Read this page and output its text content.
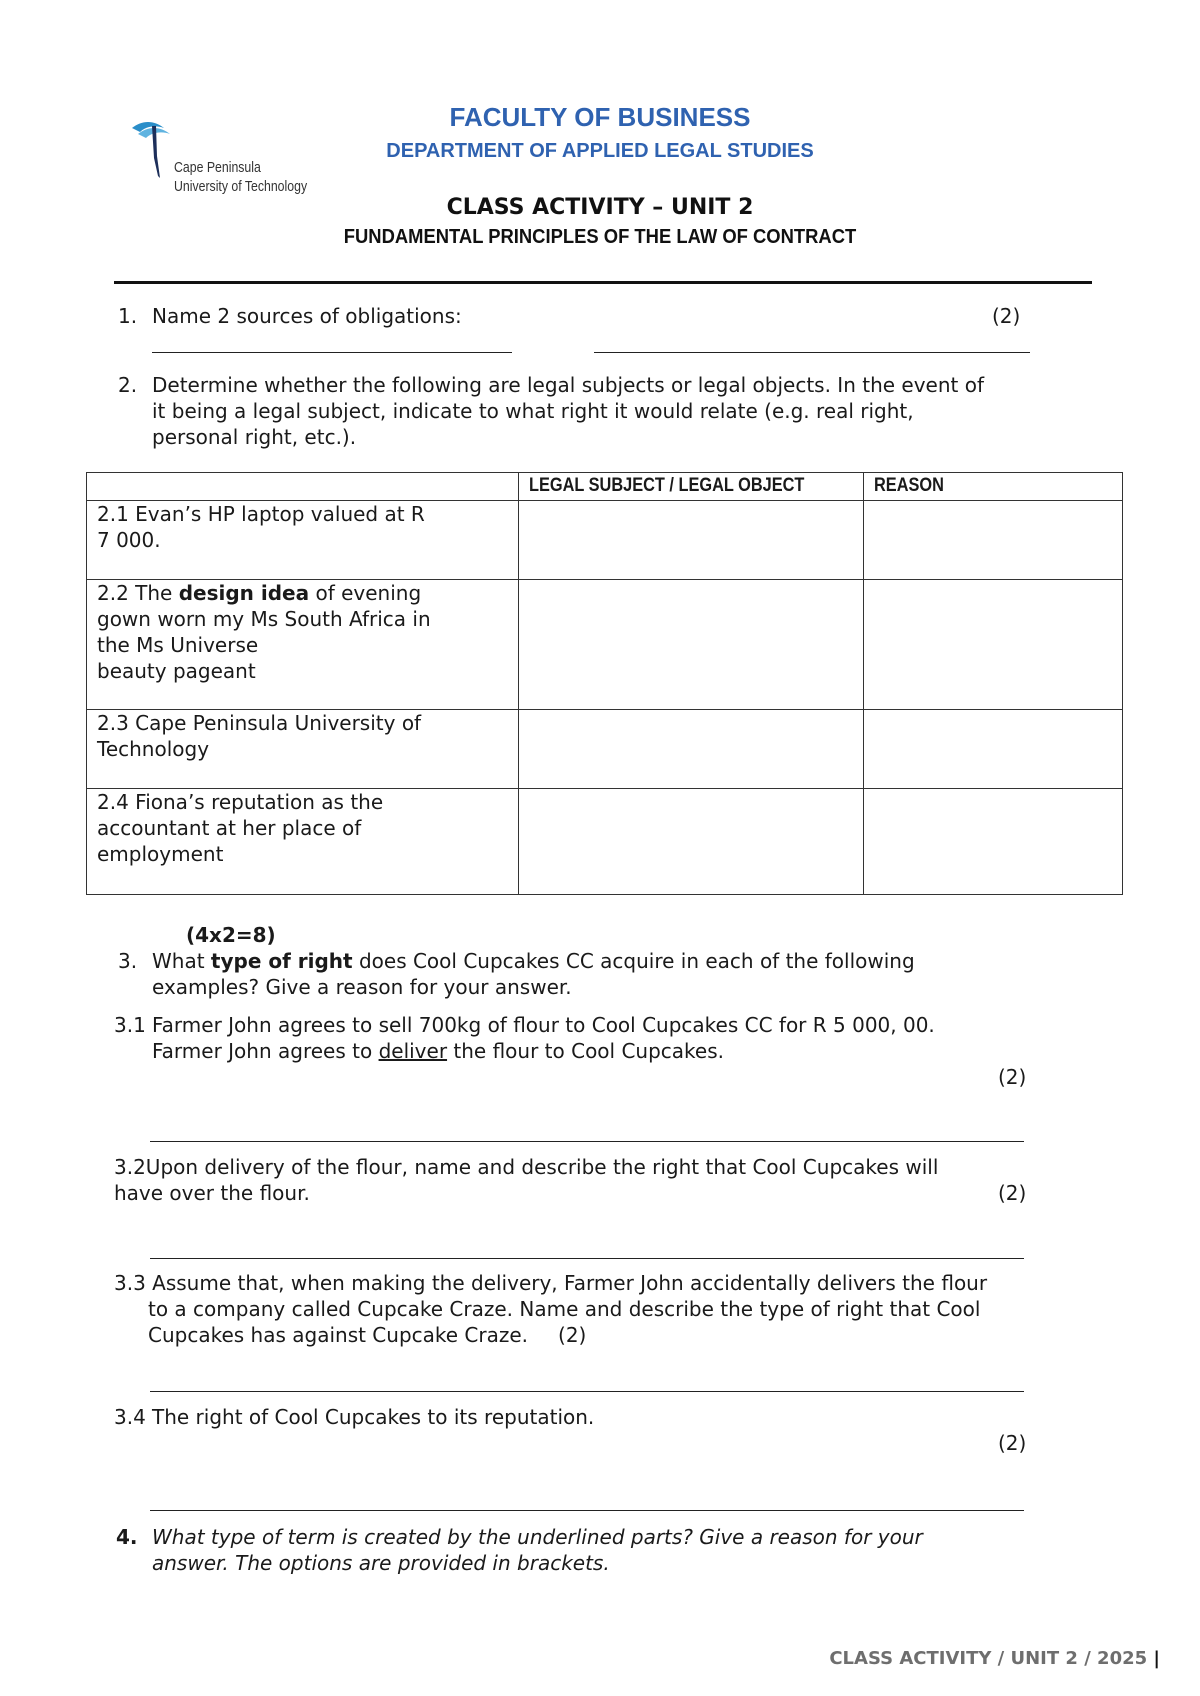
Cape Peninsula
University of Technology
FACULTY OF BUSINESS
DEPARTMENT OF APPLIED LEGAL STUDIES
CLASS ACTIVITY – UNIT 2
FUNDAMENTAL PRINCIPLES OF THE LAW OF CONTRACT
1. Name 2 sources of obligations:	(2)
2. Determine whether the following are legal subjects or legal objects. In the event of

it being a legal subject, indicate to what right it would relate (e.g. real right,

personal right, etc.).

	LEGAL SUBJECT / LEGAL OBJECT	REASON

2.1 Evan’s HP laptop valued at R

7 000.		

2.2 The design idea of evening

gown worn my Ms South Africa in

the Ms Universe

beauty pageant		

2.3 Cape Peninsula University of

Technology		

2.4 Fiona’s reputation as the

accountant at her place of

employment		

(4x2=8)
3. What type of right does Cool Cupcakes CC acquire in each of the following

examples? Give a reason for your answer.

3.1 Farmer John agrees to sell 700kg of flour to Cool Cupcakes CC for R 5 000, 00.

Farmer John agrees to deliver the flour to Cool Cupcakes.

(2)

3.2Upon delivery of the flour, name and describe the right that Cool Cupcakes will

have over the flour.	(2)

3.3 Assume that, when making the delivery, Farmer John accidentally delivers the flour

to a company called Cupcake Craze. Name and describe the type of right that Cool

Cupcakes has against Cupcake Craze. (2)

3.4 The right of Cool Cupcakes to its reputation.
(2)
4. What type of term is created by the underlined parts? Give a reason for your

answer. The options are provided in brackets.

CLASS ACTIVITY / UNIT 2 / 2025 |
